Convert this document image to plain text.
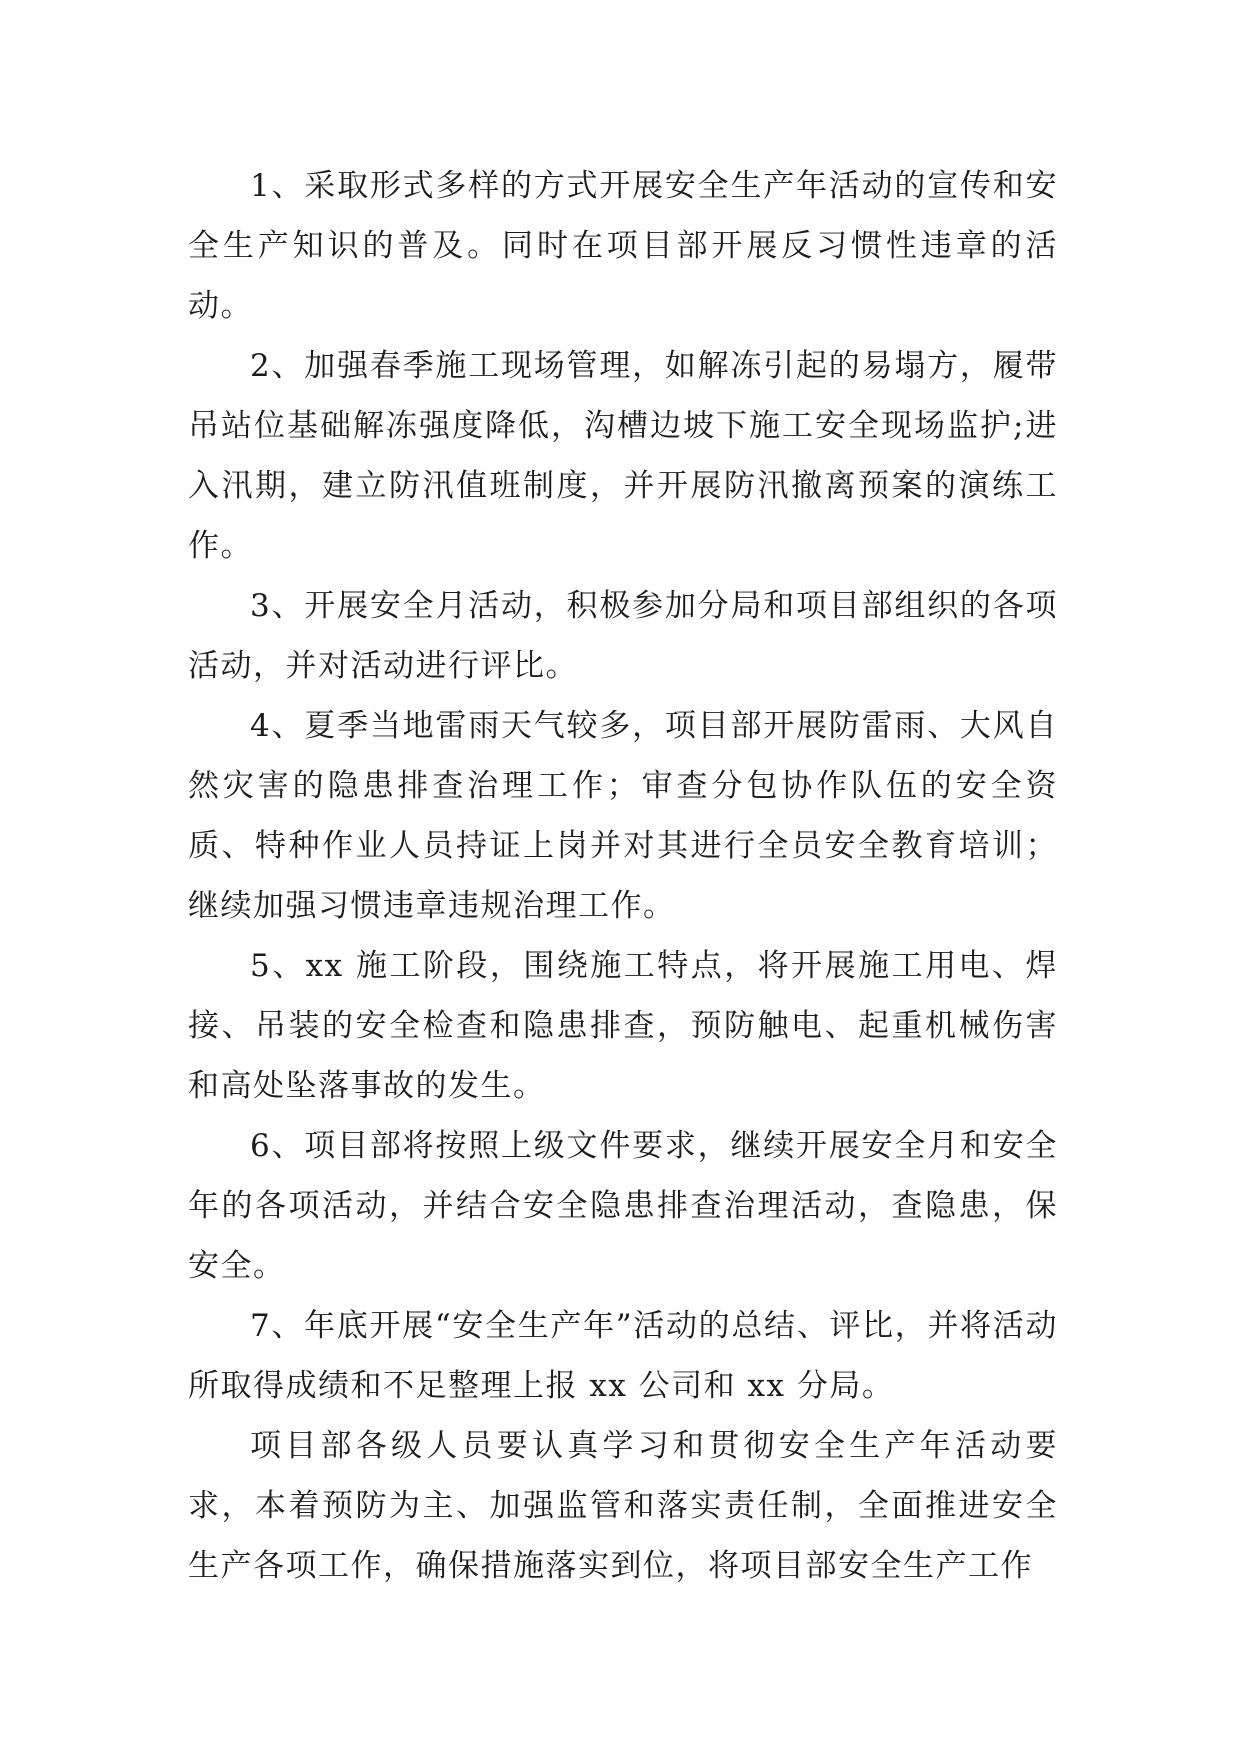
1、采取形式多样的方式开展安全生产年活动的宣传和安全生产知识的普及。同时在项目部开展反习惯性违章的活动。

2、加强春季施工现场管理，如解冻引起的易塌方，履带吊站位基础解冻强度降低，沟槽边坡下施工安全现场监护;进入汛期，建立防汛值班制度，并开展防汛撤离预案的演练工作。

3、开展安全月活动，积极参加分局和项目部组织的各项活动，并对活动进行评比。

4、夏季当地雷雨天气较多，项目部开展防雷雨、大风自然灾害的隐患排查治理工作；审查分包协作队伍的安全资质、特种作业人员持证上岗并对其进行全员安全教育培训；继续加强习惯违章违规治理工作。

5、xx 施工阶段，围绕施工特点，将开展施工用电、焊接、吊装的安全检查和隐患排查，预防触电、起重机械伤害和高处坠落事故的发生。

6、项目部将按照上级文件要求，继续开展安全月和安全年的各项活动，并结合安全隐患排查治理活动，查隐患，保安全。

7、年底开展“安全生产年”活动的总结、评比，并将活动所取得成绩和不足整理上报 xx 公司和 xx 分局。

项目部各级人员要认真学习和贯彻安全生产年活动要求，本着预防为主、加强监管和落实责任制，全面推进安全生产各项工作，确保措施落实到位，将项目部安全生产工作
